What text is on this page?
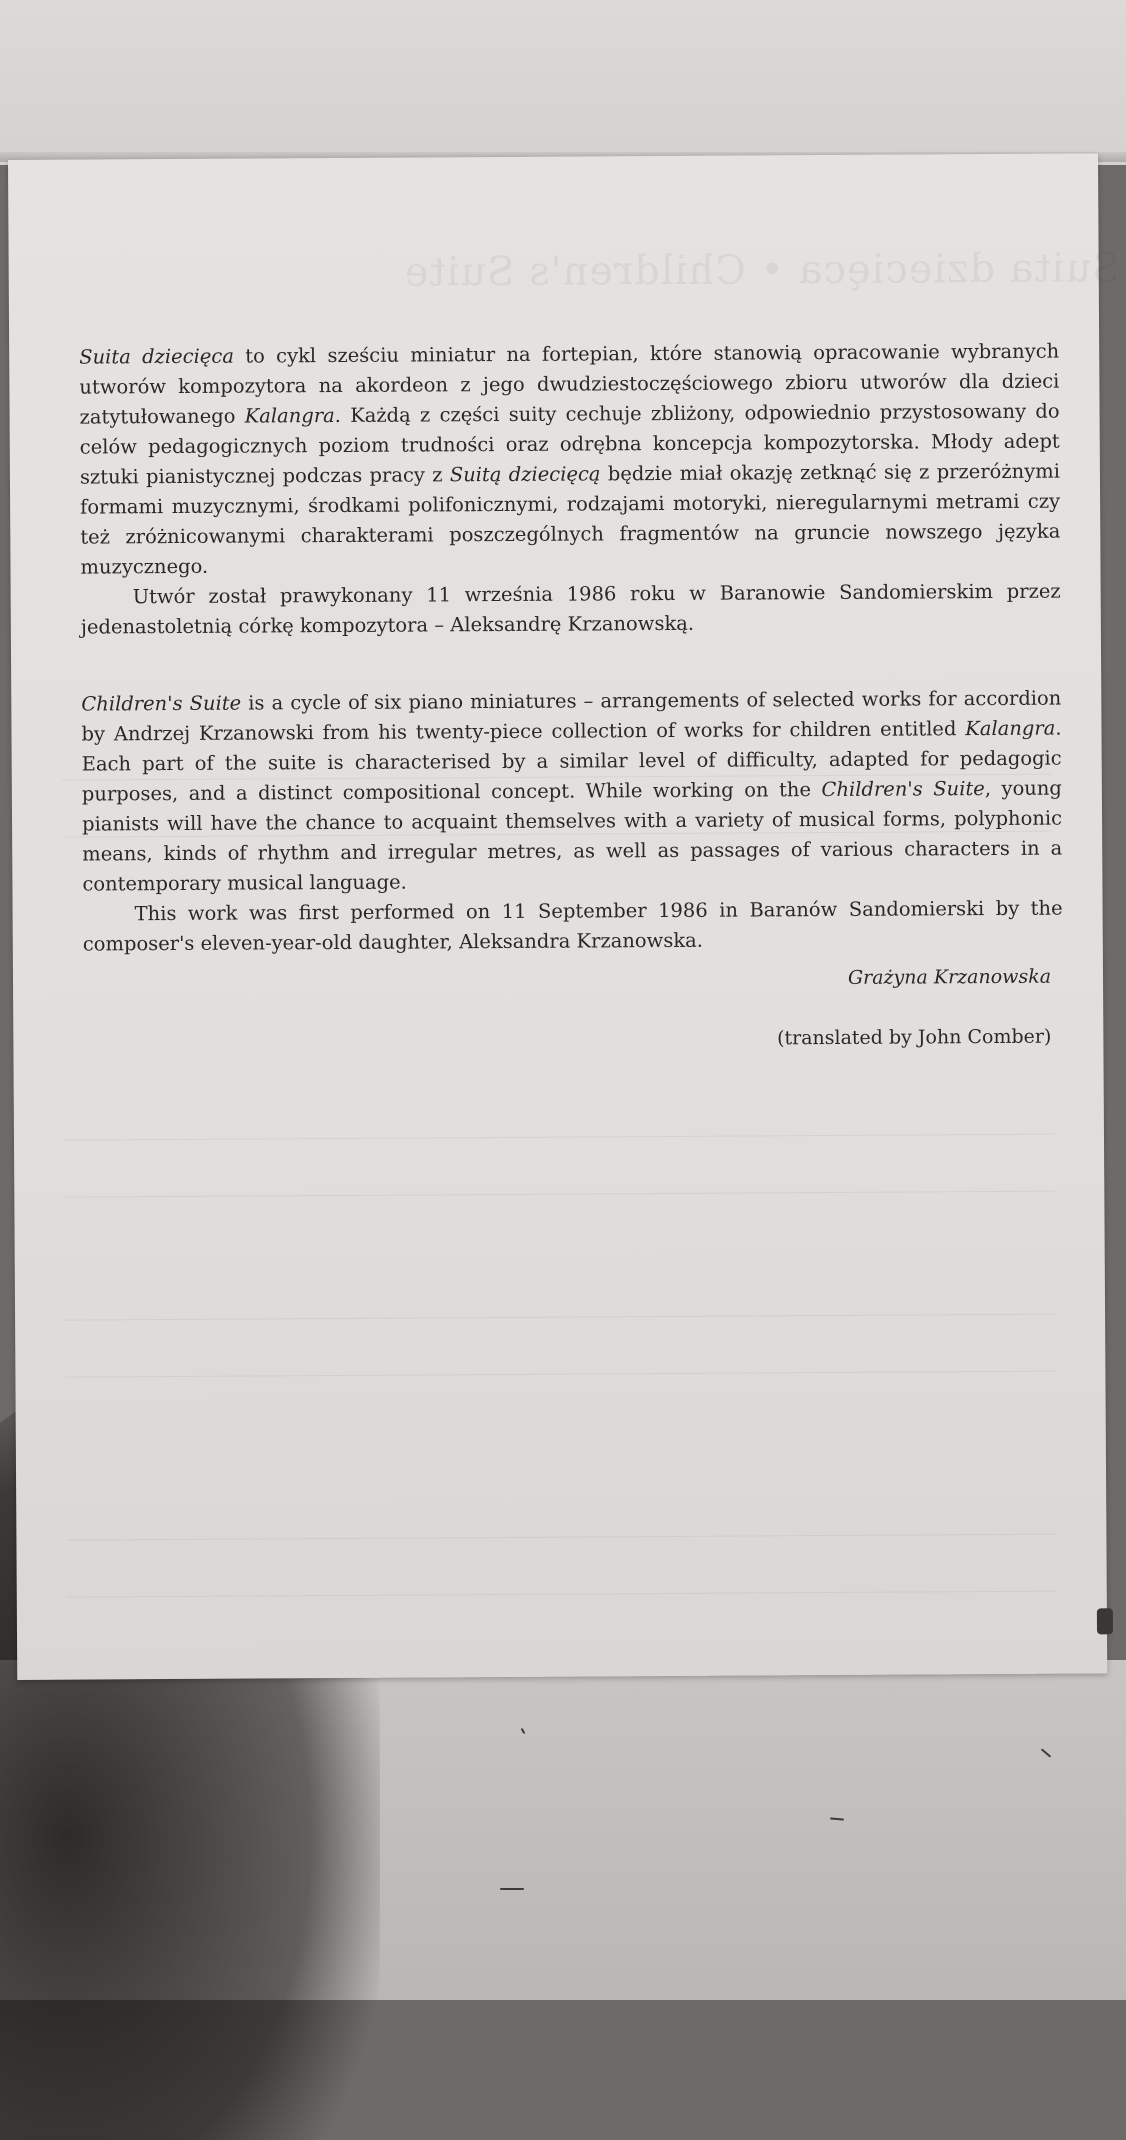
Suita dziecięca • Children's Suite

Suita dziecięca to cykl sześciu miniatur na fortepian, które stanowią opracowanie wybranych utworów kompozytora na akordeon z jego dwudziestoczęściowego zbioru utworów dla dzieci zatytułowanego Kalangra. Każdą z części suity cechuje zbliżony, odpowiednio przystosowany do celów pedagogicznych poziom trudności oraz odrębna koncepcja kompozytorska. Młody adept sztuki pianistycznej podczas pracy z Suitą dziecięcą będzie miał okazję zetknąć się z przeróżnymi formami muzycznymi, środkami polifonicznymi, rodzajami motoryki, nieregularnymi metrami czy też zróżnicowanymi charakterami poszczególnych fragmentów na gruncie nowszego języka muzycznego.

Utwór został prawykonany 11 września 1986 roku w Baranowie Sandomierskim przez jedenastoletnią córkę kompozytora – Aleksandrę Krzanowską.

Children's Suite is a cycle of six piano miniatures – arrangements of selected works for accordion by Andrzej Krzanowski from his twenty-piece collection of works for children entitled Kalangra. Each part of the suite is characterised by a similar level of difficulty, adapted for pedagogic purposes, and a distinct compositional concept. While working on the Children's Suite, young pianists will have the chance to acquaint themselves with a variety of musical forms, polyphonic means, kinds of rhythm and irregular metres, as well as passages of various characters in a contemporary musical language.

This work was first performed on 11 September 1986 in Baranów Sandomierski by the composer's eleven-year-old daughter, Aleksandra Krzanowska.

Grażyna Krzanowska
(translated by John Comber)
